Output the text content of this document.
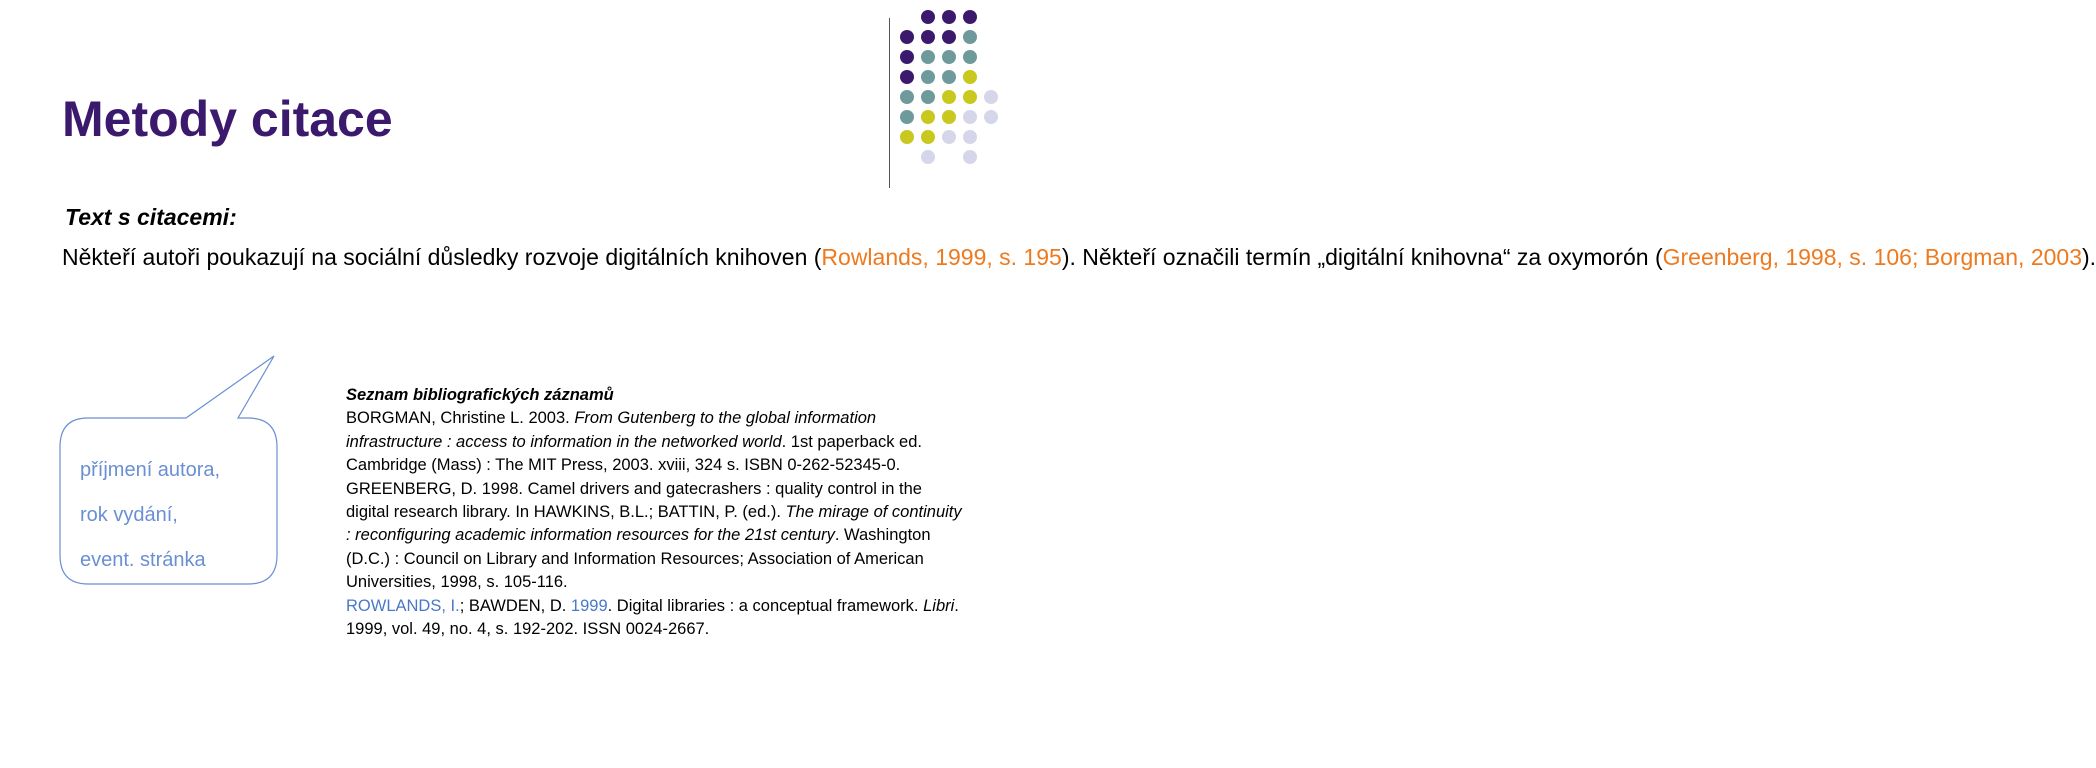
Metody citace
Text s citacemi:
Někteří autoři poukazují na sociální důsledky rozvoje digitálních knihoven (Rowlands, 1999, s. 195). Někteří označili termín „digitální knihovna“ za oxymorón (Greenberg, 1998, s. 106; Borgman, 2003).
příjmení autora,
rok vydání,
event. stránka
Seznam bibliografických záznamů
BORGMAN, Christine L. 2003. From Gutenberg to the global information infrastructure : access to information in the networked world. 1st paperback ed. Cambridge (Mass) : The MIT Press, 2003. xviii, 324 s. ISBN 0-262-52345-0.
GREENBERG, D. 1998. Camel drivers and gatecrashers : quality control in the digital research library. In HAWKINS, B.L.; BATTIN, P. (ed.). The mirage of continuity : reconfiguring academic information resources for the 21st century. Washington (D.C.) : Council on Library and Information Resources; Association of American Universities, 1998, s. 105-116.
ROWLANDS, I.; BAWDEN, D. 1999. Digital libraries : a conceptual framework. Libri. 1999, vol. 49, no. 4, s. 192-202. ISSN 0024-2667.
